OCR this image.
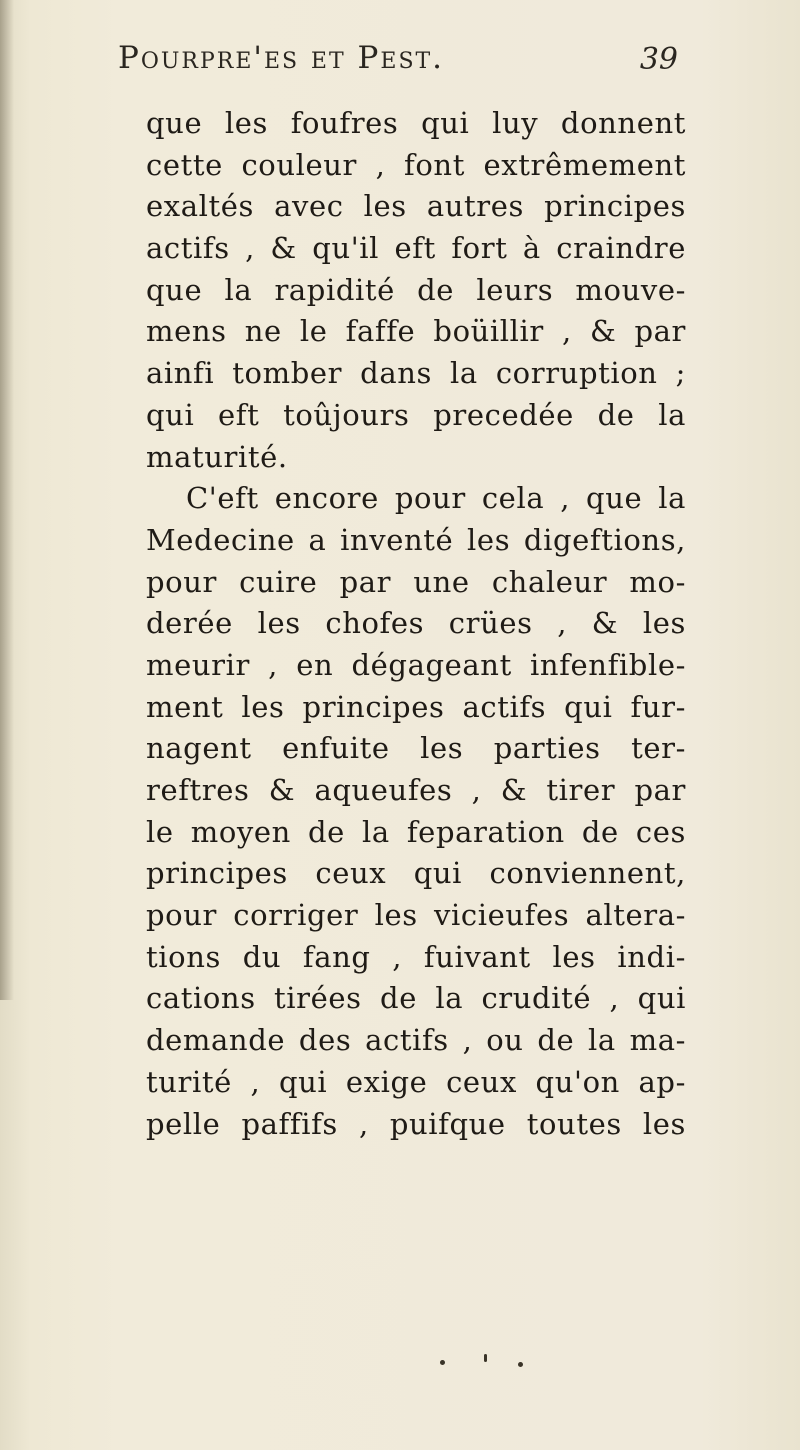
Pourpre'es et Pest.	39
que les foufres qui luy donnent
cette couleur , font extrêmement
exaltés avec les autres principes
actifs , & qu'il eft fort à craindre
que la rapidité de leurs mouve-
mens ne le faffe boüillir , & par
ainfi tomber dans la corruption ;
qui eft toûjours precedée de la
maturité.
C'eft encore pour cela , que la
Medecine a inventé les digeftions,
pour cuire par une chaleur mo-
derée les chofes crües , & les
meurir , en dégageant infenfible-
ment les principes actifs qui fur-
nagent enfuite les parties ter-
reftres & aqueufes , & tirer par
le moyen de la feparation de ces
principes ceux qui conviennent,
pour corriger les vicieufes altera-
tions du fang , fuivant les indi-
cations tirées de la crudité , qui
demande des actifs , ou de la ma-
turité , qui exige ceux qu'on ap-
pelle paffifs , puifque toutes les
